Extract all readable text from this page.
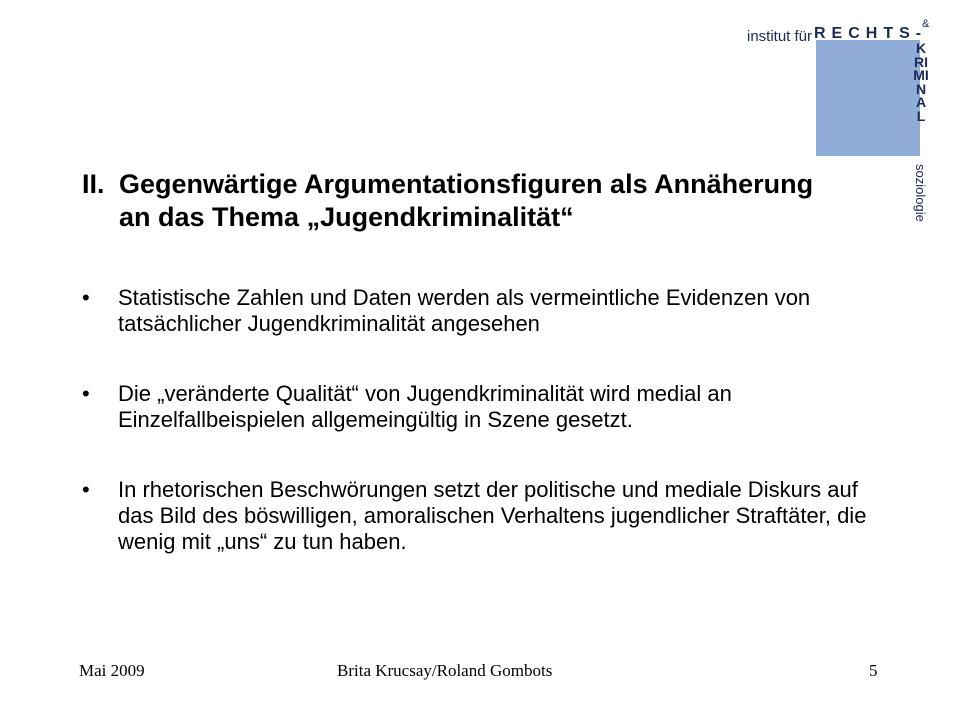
institut für RECHTS-
&
KRIMINAL
soziologie
II. Gegenwärtige Argumentationsfiguren als Annäherung an das Thema „Jugendkriminalität“
•	Statistische Zahlen und Daten werden als vermeintliche Evidenzen von tatsächlicher Jugendkriminalität angesehen
•	Die „veränderte Qualität“ von Jugendkriminalität wird medial an Einzelfallbeispielen allgemeingültig in Szene gesetzt.
•	In rhetorischen Beschwörungen setzt der politische und mediale Diskurs auf das Bild des böswilligen, amoralischen Verhaltens jugendlicher Straftäter, die wenig mit „uns“ zu tun haben.
Mai 2009	Brita Krucsay/Roland Gombots	5
